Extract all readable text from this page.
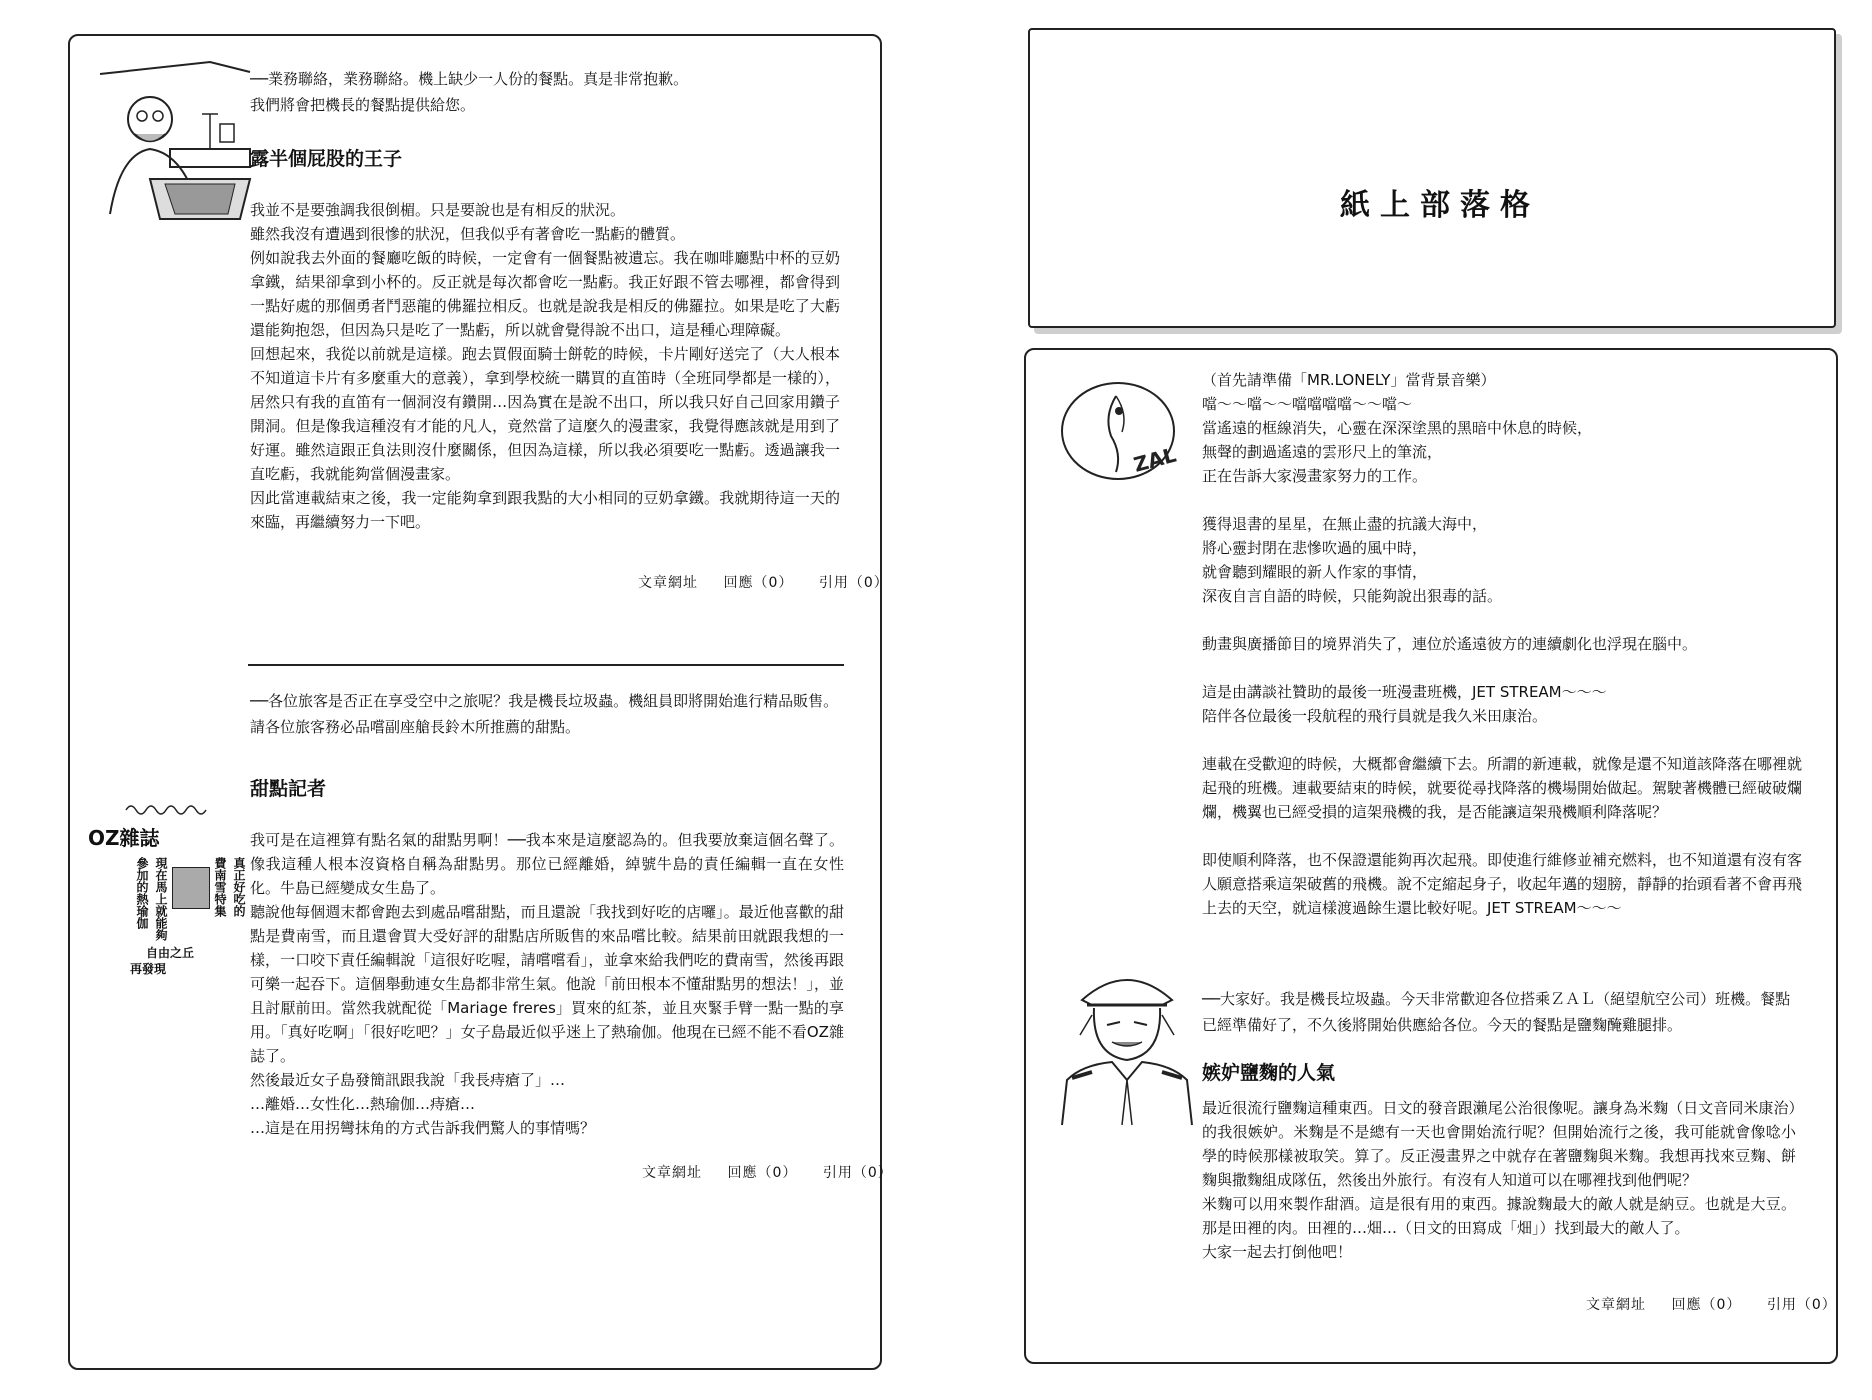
──業務聯絡，業務聯絡。機上缺少一人份的餐點。真是非常抱歉。
我們將會把機長的餐點提供給您。
露半個屁股的王子

我並不是要強調我很倒楣。只是要說也是有相反的狀況。

雖然我沒有遭遇到很慘的狀況，但我似乎有著會吃一點虧的體質。

例如說我去外面的餐廳吃飯的時候，一定會有一個餐點被遺忘。我在咖啡廳點中杯的豆奶拿鐵，結果卻拿到小杯的。反正就是每次都會吃一點虧。我正好跟不管去哪裡，都會得到一點好處的那個勇者鬥惡龍的佛羅拉相反。也就是說我是相反的佛羅拉。如果是吃了大虧還能夠抱怨，但因為只是吃了一點虧，所以就會覺得說不出口，這是種心理障礙。

回想起來，我從以前就是這樣。跑去買假面騎士餅乾的時候，卡片剛好送完了（大人根本不知道這卡片有多麼重大的意義），拿到學校統一購買的直笛時（全班同學都是一樣的），居然只有我的直笛有一個洞沒有鑽開…因為實在是說不出口，所以我只好自己回家用鑽子開洞。但是像我這種沒有才能的凡人，竟然當了這麼久的漫畫家，我覺得應該就是用到了好運。雖然這跟正負法則沒什麼關係，但因為這樣，所以我必須要吃一點虧。透過讓我一直吃虧，我就能夠當個漫畫家。

因此當連載結束之後，我一定能夠拿到跟我點的大小相同的豆奶拿鐵。我就期待這一天的來臨，再繼續努力一下吧。

文章網址 回應（0） 引用（0）
──各位旅客是否正在享受空中之旅呢？我是機長垃圾蟲。機組員即將開始進行精品販售。請各位旅客務必品嚐副座艙長鈴木所推薦的甜點。
甜點記者

我可是在這裡算有點名氣的甜點男啊！──我本來是這麼認為的。但我要放棄這個名聲了。像我這種人根本沒資格自稱為甜點男。那位已經離婚，綽號牛島的責任編輯一直在女性化。牛島已經變成女生島了。

聽說他每個週末都會跑去到處品嚐甜點，而且還說「我找到好吃的店囉」。最近他喜歡的甜點是費南雪，而且還會買大受好評的甜點店所販售的來品嚐比較。結果前田就跟我想的一樣，一口咬下責任編輯說「這很好吃喔，請嚐嚐看」，並拿來給我們吃的費南雪，然後再跟可樂一起吞下。這個舉動連女生島都非常生氣。他說「前田根本不懂甜點男的想法！」，並且討厭前田。當然我就配從「Mariage freres」買來的紅茶，並且夾緊手臂一點一點的享用。「真好吃啊」「很好吃吧？」女子島最近似乎迷上了熱瑜伽。他現在已經不能不看OZ雜誌了。

然後最近女子島發簡訊跟我說「我長痔瘡了」…

…離婚…女性化…熱瑜伽…痔瘡…

…這是在用拐彎抹角的方式告訴我們驚人的事情嗎？

OZ雜誌
真正好吃的
費南雪特集
現在馬上就能夠
參加的熱瑜伽
自由之丘
再發現
文章網址 回應（0） 引用（0）
紙上部落格
ZAL
（首先請準備「MR.LONELY」當背景音樂）
噹〜〜噹〜〜噹噹噹噹〜〜噹〜
當遙遠的框線消失，心靈在深深塗黑的黑暗中休息的時候，
無聲的劃過遙遠的雲形尺上的筆流，
正在告訴大家漫畫家努力的工作。
獲得退書的星星，在無止盡的抗議大海中，
將心靈封閉在悲慘吹過的風中時，
就會聽到耀眼的新人作家的事情，
深夜自言自語的時候，只能夠說出狠毒的話。
動畫與廣播節目的境界消失了，連位於遙遠彼方的連續劇化也浮現在腦中。
這是由講談社贊助的最後一班漫畫班機，JET STREAM〜〜〜
陪伴各位最後一段航程的飛行員就是我久米田康治。
連載在受歡迎的時候，大概都會繼續下去。所謂的新連載，就像是還不知道該降落在哪裡就起飛的班機。連載要結束的時候，就要從尋找降落的機場開始做起。駕駛著機體已經破破爛爛，機翼也已經受損的這架飛機的我，是否能讓這架飛機順利降落呢？
即使順利降落，也不保證還能夠再次起飛。即使進行維修並補充燃料，也不知道還有沒有客人願意搭乘這架破舊的飛機。說不定縮起身子，收起年邁的翅膀，靜靜的抬頭看著不會再飛上去的天空，就這樣渡過餘生還比較好呢。JET STREAM〜〜〜
──大家好。我是機長垃圾蟲。今天非常歡迎各位搭乘ＺＡＬ（絕望航空公司）班機。餐點已經準備好了，不久後將開始供應給各位。今天的餐點是鹽麴醃雞腿排。
嫉妒鹽麴的人氣

最近很流行鹽麴這種東西。日文的發音跟瀨尾公治很像呢。讓身為米麴（日文音同米康治）的我很嫉妒。米麴是不是總有一天也會開始流行呢？但開始流行之後，我可能就會像唸小學的時候那樣被取笑。算了。反正漫畫界之中就存在著鹽麴與米麴。我想再找來豆麴、餅麴與撒麴組成隊伍，然後出外旅行。有沒有人知道可以在哪裡找到他們呢？

米麴可以用來製作甜酒。這是很有用的東西。據說麴最大的敵人就是納豆。也就是大豆。那是田裡的肉。田裡的…畑…（日文的田寫成「畑」）找到最大的敵人了。

大家一起去打倒他吧！

文章網址 回應（0） 引用（0）
